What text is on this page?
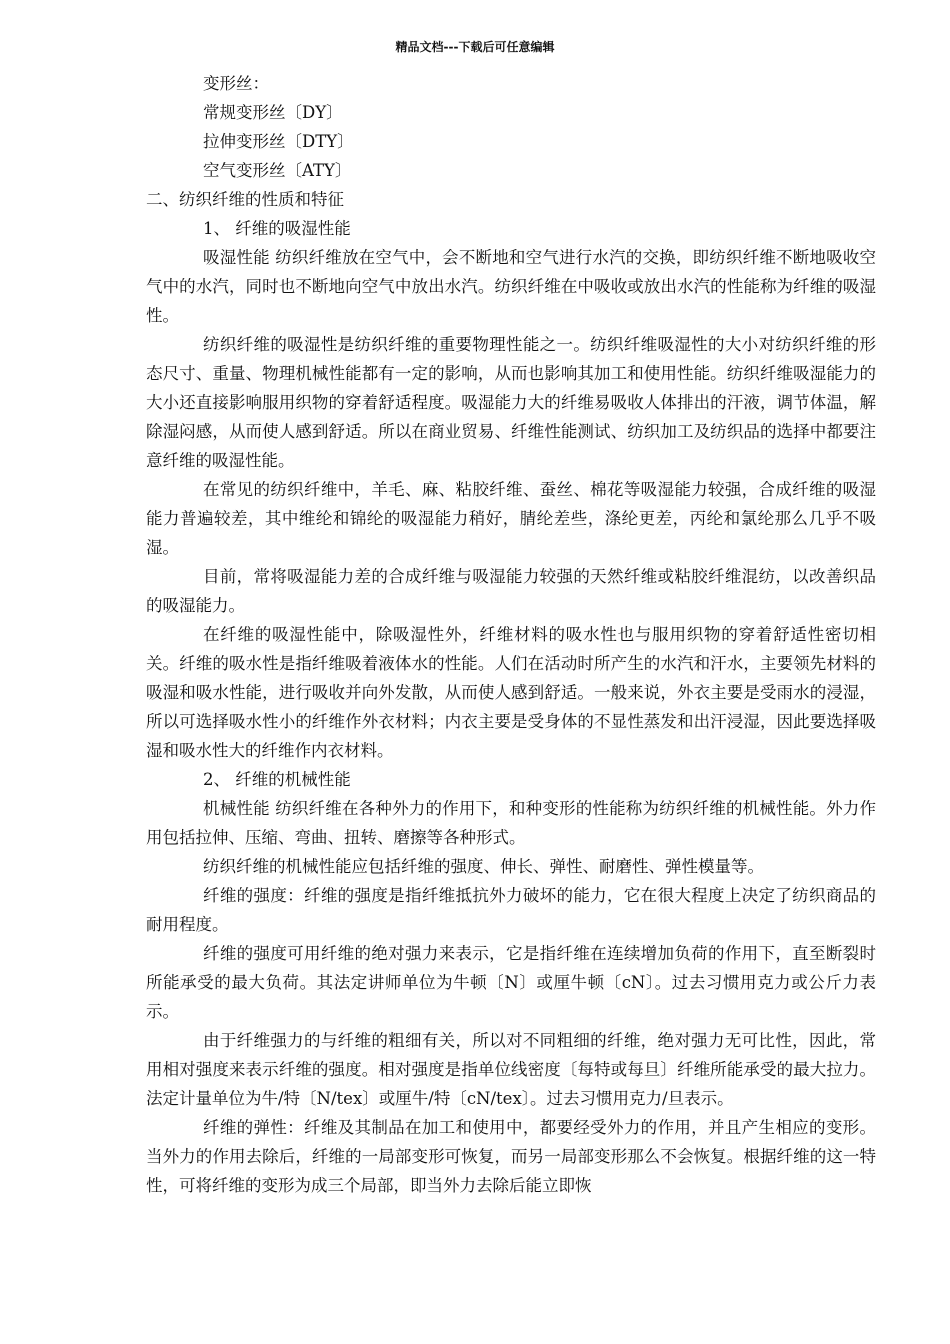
精品文档---下载后可任意编辑

变形丝：

常规变形丝〔DY〕

拉伸变形丝〔DTY〕

空气变形丝〔ATY〕

二、纺织纤维的性质和特征

1、 纤维的吸湿性能

吸湿性能 纺织纤维放在空气中，会不断地和空气进行水汽的交换，即纺织纤维不断地吸收空气中的水汽，同时也不断地向空气中放出水汽。纺织纤维在中吸收或放出水汽的性能称为纤维的吸湿性。

纺织纤维的吸湿性是纺织纤维的重要物理性能之一。纺织纤维吸湿性的大小对纺织纤维的形态尺寸、重量、物理机械性能都有一定的影响，从而也影响其加工和使用性能。纺织纤维吸湿能力的大小还直接影响服用织物的穿着舒适程度。吸湿能力大的纤维易吸收人体排出的汗液，调节体温，解除湿闷感，从而使人感到舒适。所以在商业贸易、纤维性能测试、纺织加工及纺织品的选择中都要注意纤维的吸湿性能。

在常见的纺织纤维中，羊毛、麻、粘胶纤维、蚕丝、棉花等吸湿能力较强，合成纤维的吸湿能力普遍较差，其中维纶和锦纶的吸湿能力稍好，腈纶差些，涤纶更差，丙纶和氯纶那么几乎不吸湿。

目前，常将吸湿能力差的合成纤维与吸湿能力较强的天然纤维或粘胶纤维混纺，以改善织品的吸湿能力。

在纤维的吸湿性能中，除吸湿性外，纤维材料的吸水性也与服用织物的穿着舒适性密切相关。纤维的吸水性是指纤维吸着液体水的性能。人们在活动时所产生的水汽和汗水，主要领先材料的吸湿和吸水性能，进行吸收并向外发散，从而使人感到舒适。一般来说，外衣主要是受雨水的浸湿，所以可选择吸水性小的纤维作外衣材料；内衣主要是受身体的不显性蒸发和出汗浸湿，因此要选择吸湿和吸水性大的纤维作内衣材料。

2、 纤维的机械性能

机械性能 纺织纤维在各种外力的作用下，和种变形的性能称为纺织纤维的机械性能。外力作用包括拉伸、压缩、弯曲、扭转、磨擦等各种形式。

纺织纤维的机械性能应包括纤维的强度、伸长、弹性、耐磨性、弹性模量等。

纤维的强度：纤维的强度是指纤维抵抗外力破坏的能力，它在很大程度上决定了纺织商品的耐用程度。

纤维的强度可用纤维的绝对强力来表示，它是指纤维在连续增加负荷的作用下，直至断裂时所能承受的最大负荷。其法定讲师单位为牛顿〔N〕或厘牛顿〔cN〕。过去习惯用克力或公斤力表示。

由于纤维强力的与纤维的粗细有关，所以对不同粗细的纤维，绝对强力无可比性，因此，常用相对强度来表示纤维的强度。相对强度是指单位线密度〔每特或每旦〕纤维所能承受的最大拉力。法定计量单位为牛/特〔N/tex〕或厘牛/特〔cN/tex〕。过去习惯用克力/旦表示。

纤维的弹性：纤维及其制品在加工和使用中，都要经受外力的作用，并且产生相应的变形。当外力的作用去除后，纤维的一局部变形可恢复，而另一局部变形那么不会恢复。根据纤维的这一特性，可将纤维的变形为成三个局部，即当外力去除后能立即恢
